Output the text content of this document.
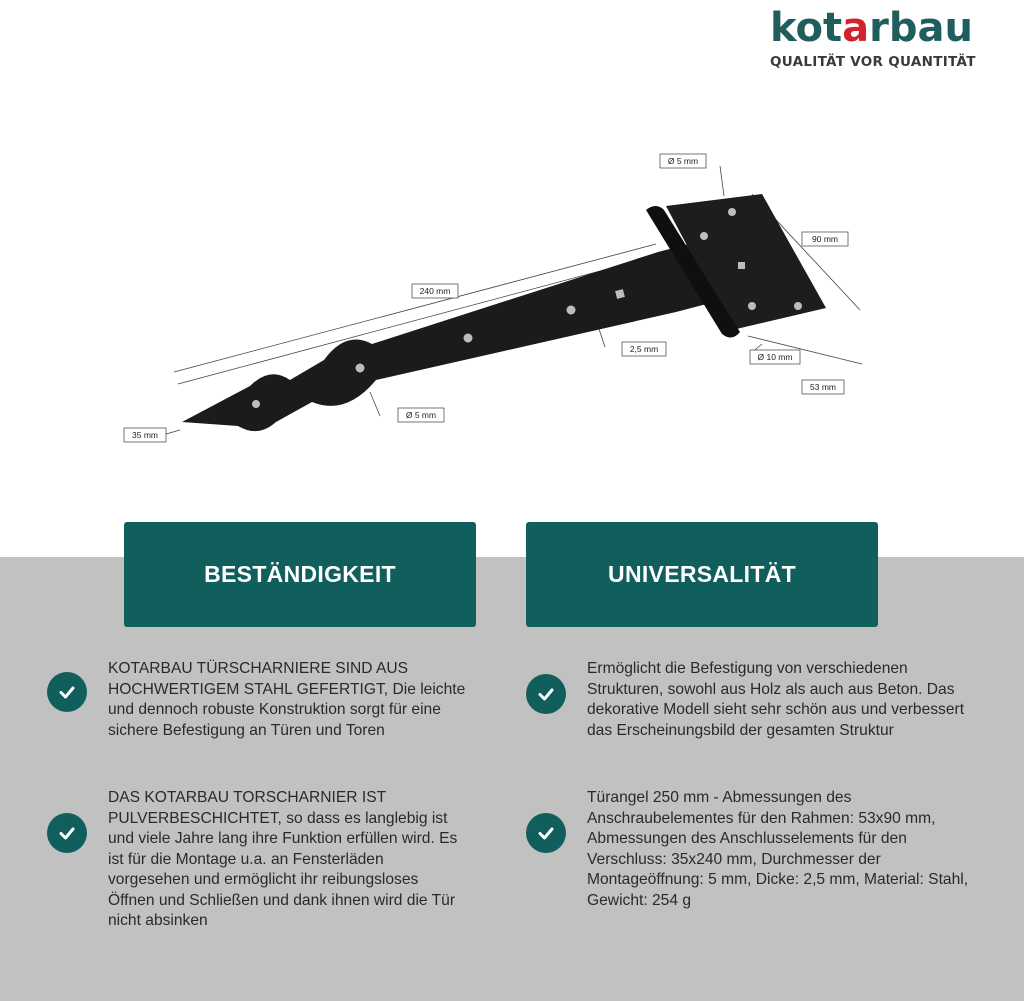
kotarbau
QUALITÄT VOR QUANTITÄT
Ø 5 mm
90 mm
240 mm
2,5 mm
Ø 10 mm
53 mm
35 mm
Ø 5 mm
BESTÄNDIGKEIT	UNIVERSALITÄT
KOTARBAU TÜRSCHARNIERE SIND AUS HOCHWERTIGEM STAHL GEFERTIGT, Die leichte und dennoch robuste Konstruktion sorgt für eine sichere Befestigung an Türen und Toren
DAS KOTARBAU TORSCHARNIER IST PULVERBESCHICHTET, so dass es langlebig ist und viele Jahre lang ihre Funktion erfüllen wird. Es ist für die Montage u.a. an Fensterläden vorgesehen und ermöglicht ihr reibungsloses Öffnen und Schließen und dank ihnen wird die Tür nicht absinken
Ermöglicht die Befestigung von verschiedenen Strukturen, sowohl aus Holz als auch aus Beton. Das dekorative Modell sieht sehr schön aus und verbessert das Erscheinungsbild der gesamten Struktur
Türangel 250 mm - Abmessungen des Anschraubelementes für den Rahmen: 53x90 mm, Abmessungen des Anschlusselements für den Verschluss: 35x240 mm, Durchmesser der Montageöffnung: 5 mm, Dicke: 2,5 mm, Material: Stahl, Gewicht: 254 g
